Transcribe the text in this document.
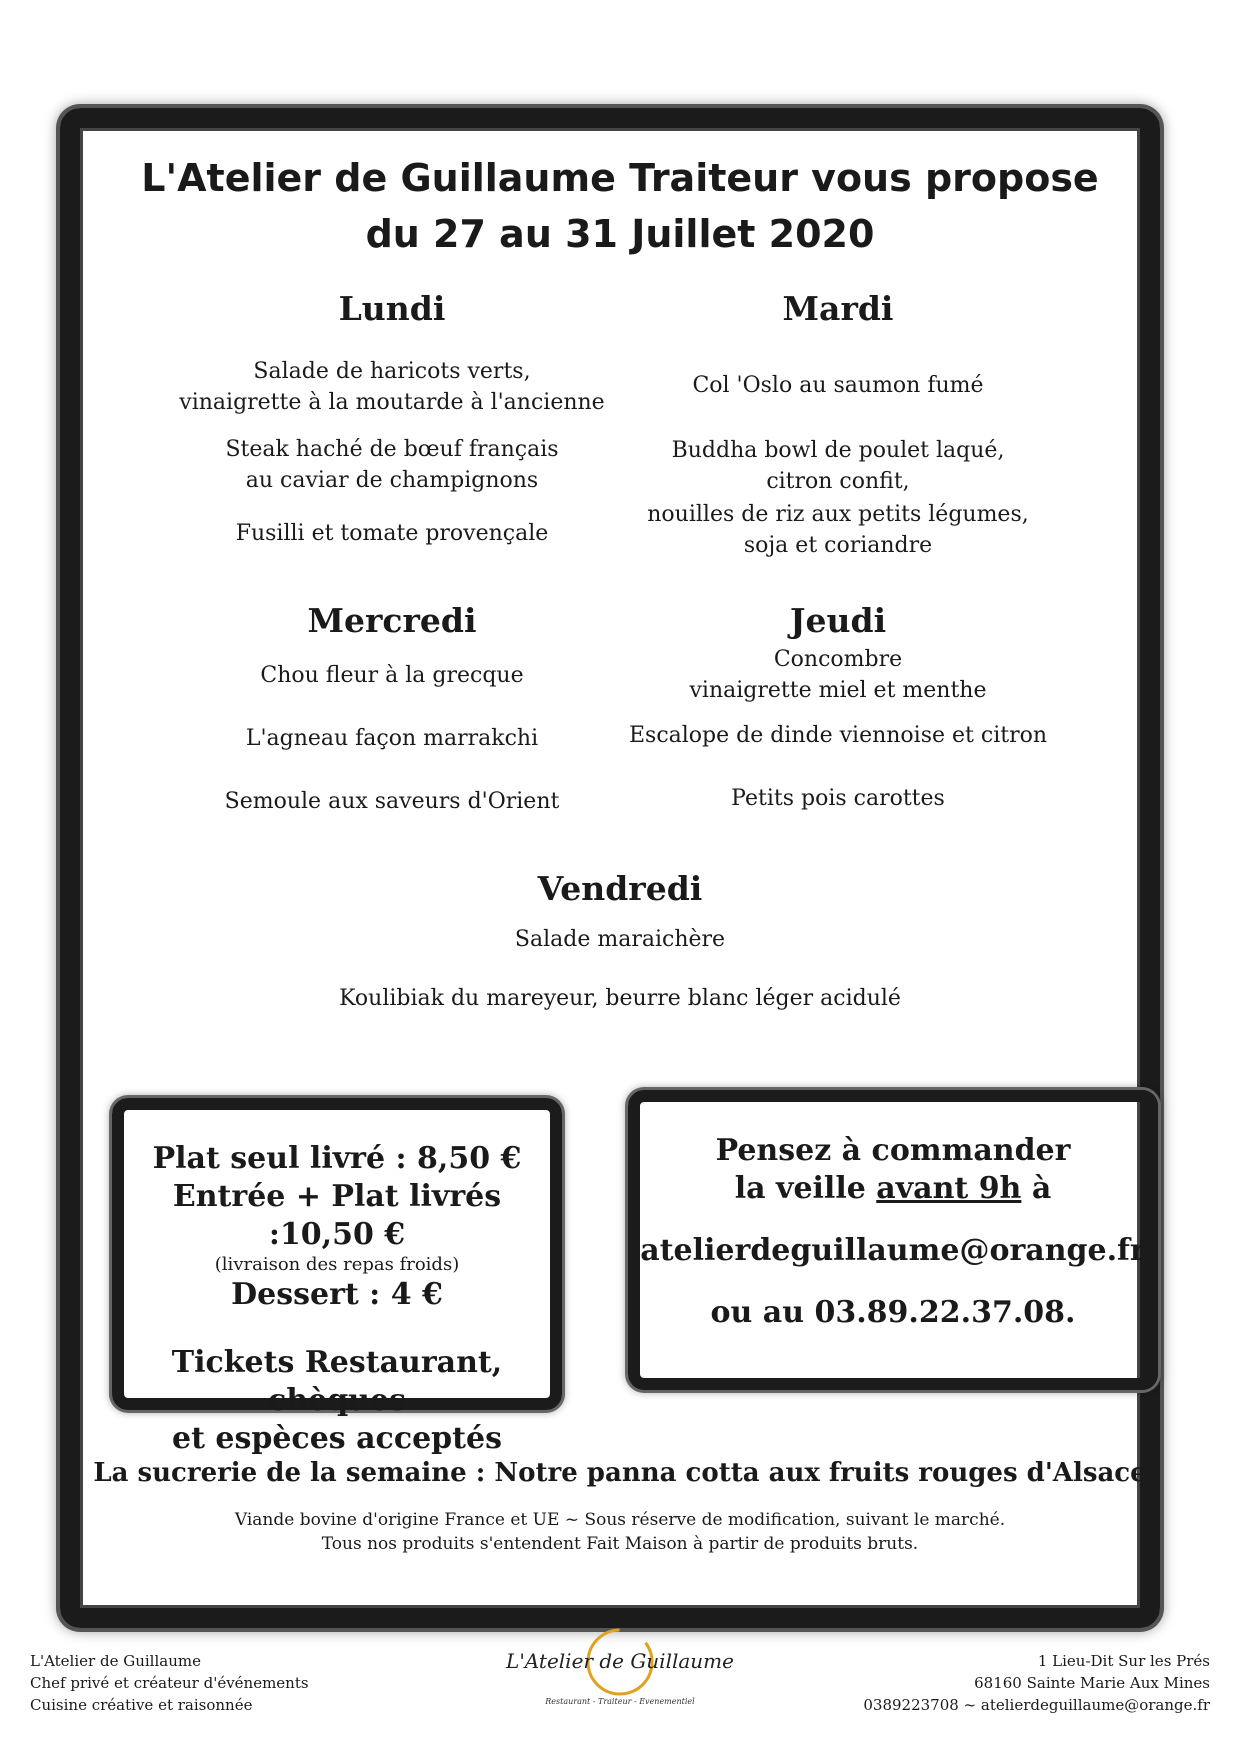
L'Atelier de Guillaume Traiteur vous propose

du 27 au 31 Juillet 2020

Lundi

Salade de haricots verts,
vinaigrette à la moutarde à l'ancienne

Steak haché de bœuf français
au caviar de champignons

Fusilli et tomate provençale

Mardi

Col 'Oslo au saumon fumé

Buddha bowl de poulet laqué,
citron confit,

nouilles de riz aux petits légumes,
soja et coriandre

Mercredi

Chou fleur à la grecque

L'agneau façon marrakchi

Semoule aux saveurs d'Orient

Jeudi

Concombre
vinaigrette miel et menthe

Escalope de dinde viennoise et citron

Petits pois carottes

Vendredi

Salade maraichère

Koulibiak du mareyeur, beurre blanc léger acidulé

Plat seul livré : 8,50 €

Entrée + Plat livrés :10,50 €

(livraison des repas froids)

Dessert : 4 €

Tickets Restaurant, chèques

et espèces acceptés

Pensez à commander

la veille avant 9h à

atelierdeguillaume@orange.fr

ou au 03.89.22.37.08.

La sucrerie de la semaine : Notre panna cotta aux fruits rouges d'Alsace

Viande bovine d'origine France et UE ~ Sous réserve de modification, suivant le marché.

Tous nos produits s'entendent Fait Maison à partir de produits bruts.

L'Atelier de Guillaume

Chef privé et créateur d'événements

Cuisine créative et raisonnée

L'Atelier de Guillaume
Restaurant - Traiteur - Evenementiel

1 Lieu-Dit Sur les Prés

68160 Sainte Marie Aux Mines

0389223708 ~ atelierdeguillaume@orange.fr
